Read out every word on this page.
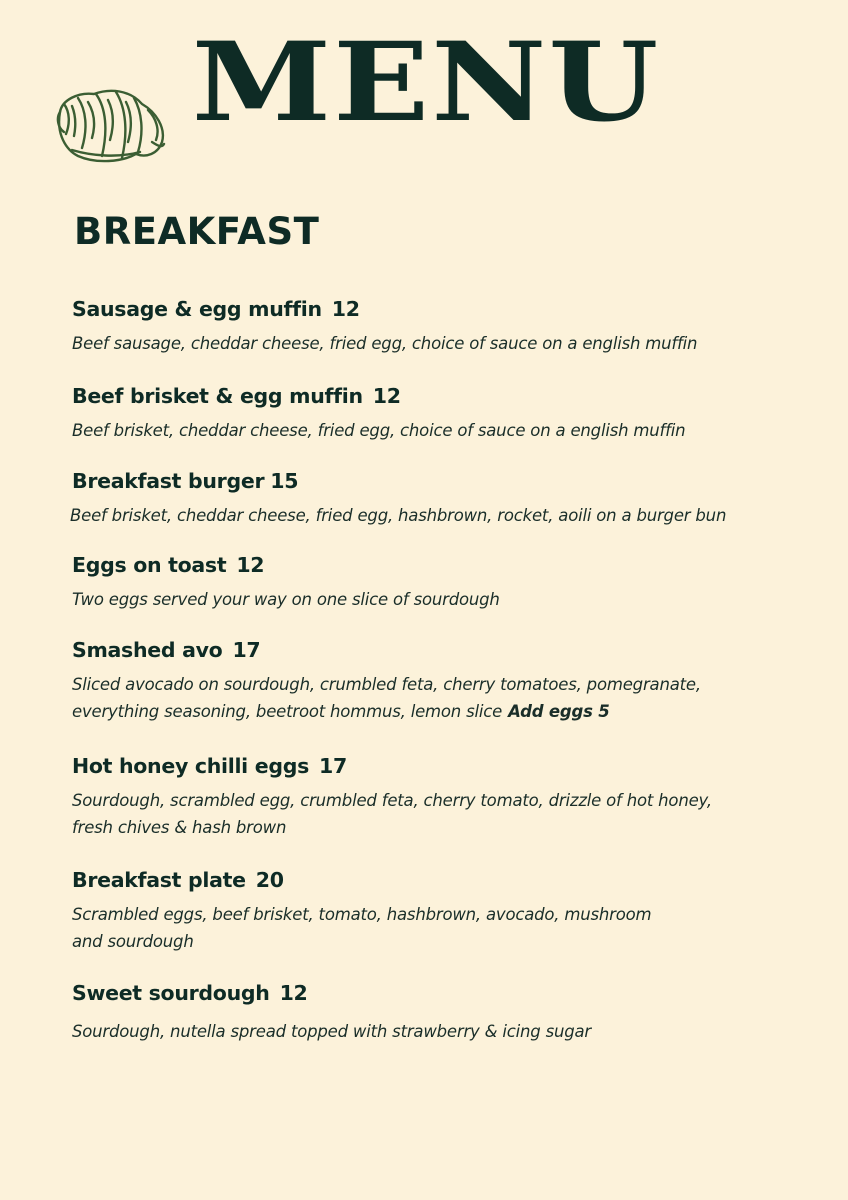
MENU
BREAKFAST
Sausage & egg muffin 12
Beef sausage, cheddar cheese, fried egg, choice of sauce on a english muffin
Beef brisket & egg muffin 12
Beef brisket, cheddar cheese, fried egg, choice of sauce on a english muffin
Breakfast burger 15
Beef brisket, cheddar cheese, fried egg, hashbrown, rocket, aoili on a burger bun
Eggs on toast 12
Two eggs served your way on one slice of sourdough
Smashed avo 17
Sliced avocado on sourdough, crumbled feta, cherry tomatoes, pomegranate,
everything seasoning, beetroot hommus, lemon slice Add eggs 5
Hot honey chilli eggs 17
Sourdough, scrambled egg, crumbled feta, cherry tomato, drizzle of hot honey,
fresh chives & hash brown
Breakfast plate 20
Scrambled eggs, beef brisket, tomato, hashbrown, avocado, mushroom
and sourdough
Sweet sourdough 12
Sourdough, nutella spread topped with strawberry & icing sugar
